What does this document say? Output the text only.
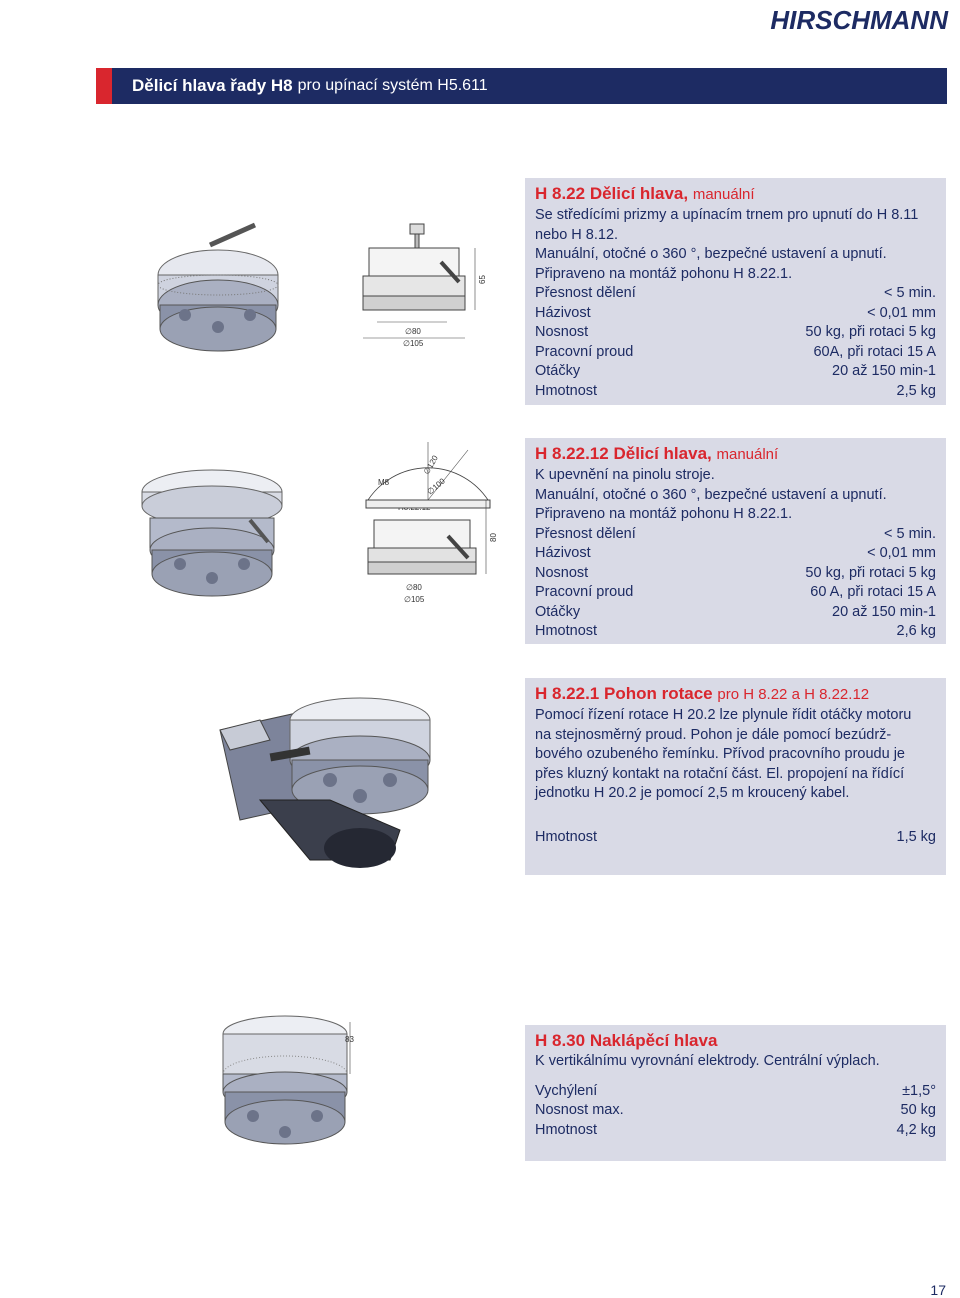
HIRSCHMANN
Dělicí hlava řady H8 pro upínací systém H5.611
65
∅80
∅105
H 8.22 Dělicí hlava, manuální
Se středícími prizmy a upínacím trnem pro upnutí do H 8.11 nebo H 8.12.
Manuální, otočné o 360 °, bezpečné ustavení a upnutí.
Připraveno na montáž pohonu H 8.22.1.
Přesnost dělení	< 5 min.
Házivost	< 0,01 mm
Nosnost	50 kg, při rotaci 5 kg
Pracovní proud	60A, při rotaci 15 A
Otáčky	20 až 150 min-1
Hmotnost	2,5 kg
M8
∅120
∅100
80
∅80
∅105
H 8.22.12 Dělicí hlava, manuální
K upevnění na pinolu stroje.
Manuální, otočné o 360 °, bezpečné ustavení a upnutí.
Připraveno na montáž pohonu H 8.22.1.
Přesnost dělení	< 5 min.
Házivost	< 0,01 mm
Nosnost	50 kg, při rotaci 5 kg
Pracovní proud	60 A, při rotaci 15 A
Otáčky	20 až 150 min-1
Hmotnost	2,6 kg
H 8.22.1 Pohon rotace pro H 8.22 a H 8.22.12
Pomocí řízení rotace H 20.2 lze plynule řídit otáčky motoru
na stejnosměrný proud. Pohon je dále pomocí bezúdrž-
bového ozubeného řemínku. Přívod pracovního proudu je
přes kluzný kontakt na rotační část. El. propojení na řídící
jednotku H 20.2 je pomocí 2,5 m kroucený kabel.
Hmotnost	1,5 kg
83	H 8.30 Naklápěcí hlava
K vertikálnímu vyrovnání elektrody. Centrální výplach.
Vychýlení	±1,5°
Nosnost max.	50 kg
Hmotnost	4,2 kg
17
